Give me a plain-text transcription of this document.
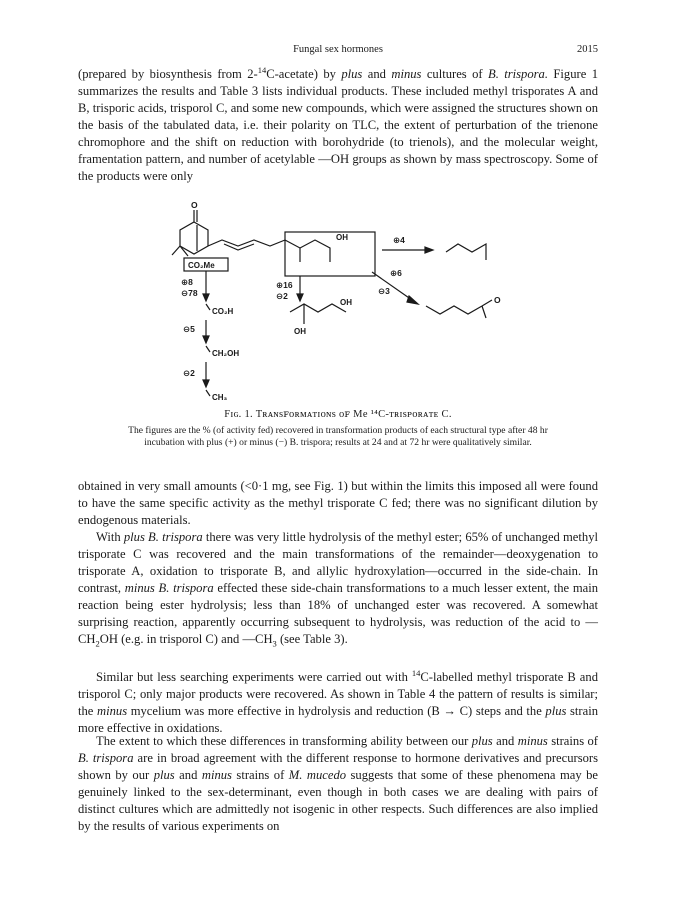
Fungal sex hormones	2015

(prepared by biosynthesis from 2-$^{14}$C-acetate) by plus and minus cultures of B. trispora. Figure 1 summarizes the results and Table 3 lists individual products. These included methyl trisporates A and B, trisporic acids, trisporol C, and some new compounds, which were assigned the structures shown on the basis of the tabulated data, i.e. their polarity on TLC, the extent of perturbation of the trienone chromophore and the shift on reduction with borohydride (to trienols), and the molecular weight, framentation pattern, and number of acetylable —OH groups as shown by mass spectroscopy. Some of the products were only

OH
CO₂Me
O
⊕4
⊕6
⊖3
O
⊕16
⊖2
OH
OH
⊕8
⊖78
CO₂H
⊖5
CH₂OH
⊖2
CH₃
Fɪɢ. 1. Tʀᴀɴsꜰᴏʀᴍᴀᴛɪᴏɴs ᴏꜰ Me ¹⁴C-ᴛʀɪsᴘᴏʀᴀᴛᴇ C.

The figures are the % (of activity fed) recovered in transformation products of each structural type after 48 hr incubation with plus (+) or minus (−) B. trispora; results at 24 and at 72 hr were qualitatively similar.

obtained in very small amounts (<0·1 mg, see Fig. 1) but within the limits this imposed all were found to have the same specific activity as the methyl trisporate C fed; there was no significant dilution by endogenous materials.

With plus B. trispora there was very little hydrolysis of the methyl ester; 65% of unchanged methyl trisporate C was recovered and the main transformations of the remainder—deoxygenation to trisporate A, oxidation to trisporate B, and allylic hydroxylation—occurred in the side-chain. In contrast, minus B. trispora effected these side-chain transformations to a much lesser extent, the main reaction being ester hydrolysis; less than 18% of unchanged ester was recovered. A somewhat surprising reaction, apparently occurring subsequent to hydrolysis, was reduction of the acid to $—CH_2OH$ (e.g. in trisporol C) and $—CH_3$ (see Table 3).

Similar but less searching experiments were carried out with $^{14}$C-labelled methyl trisporate B and trisporol C; only major products were recovered. As shown in Table 4 the pattern of results is similar; the minus mycelium was more effective in hydrolysis and reduction (B → C) steps and the plus strain more effective in oxidations.

The extent to which these differences in transforming ability between our plus and minus strains of B. trispora are in broad agreement with the different response to hormone derivatives and precursors shown by our plus and minus strains of M. mucedo suggests that some of these phenomena may be genuinely linked to the sex-determinant, even though in both cases we are dealing with pairs of distinct cultures which are admittedly not isogenic in other respects. Such differences are also implied by the results of various experiments on
